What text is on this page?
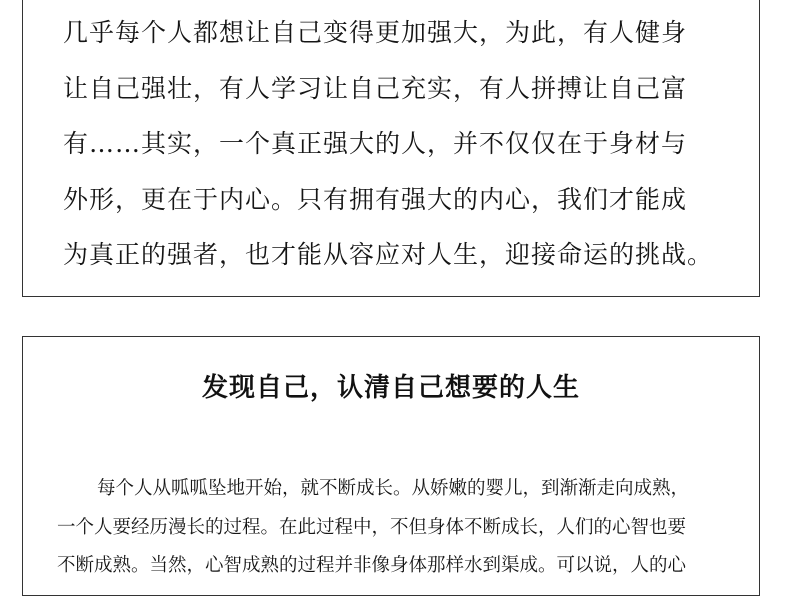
几乎每个人都想让自己变得更加强大，为此，有人健身
让自己强壮，有人学习让自己充实，有人拼搏让自己富
有……其实，一个真正强大的人，并不仅仅在于身材与
外形，更在于内心。只有拥有强大的内心，我们才能成
为真正的强者，也才能从容应对人生，迎接命运的挑战。
发现自己，认清自己想要的人生
每个人从呱呱坠地开始，就不断成长。从娇嫩的婴儿，到渐渐走向成熟，
一个人要经历漫长的过程。在此过程中，不但身体不断成长，人们的心智也要
不断成熟。当然，心智成熟的过程并非像身体那样水到渠成。可以说，人的心
